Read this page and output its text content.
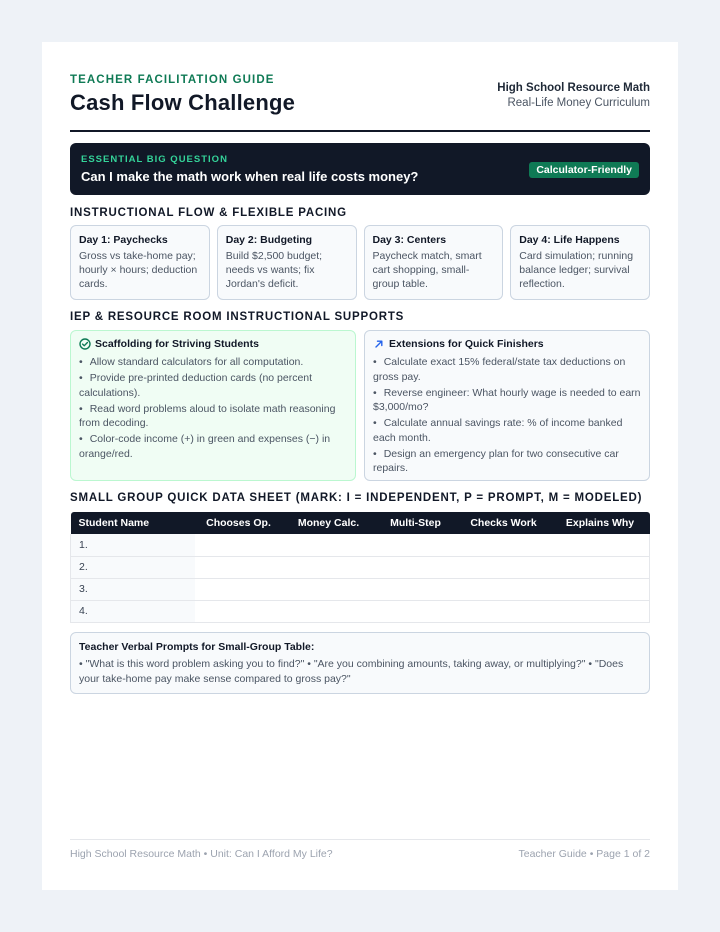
TEACHER FACILITATION GUIDE
Cash Flow Challenge
High School Resource Math
Real-Life Money Curriculum
ESSENTIAL BIG QUESTION
Can I make the math work when real life costs money?	Calculator-Friendly
INSTRUCTIONAL FLOW & FLEXIBLE PACING
Day 1: Paychecks
Gross vs take-home pay; hourly × hours; deduction cards.
Day 2: Budgeting
Build $2,500 budget; needs vs wants; fix Jordan's deficit.
Day 3: Centers
Paycheck match, smart cart shopping, small-group table.
Day 4: Life Happens
Card simulation; running balance ledger; survival reflection.
IEP & RESOURCE ROOM INSTRUCTIONAL SUPPORTS
Scaffolding for Striving Students
• Allow standard calculators for all computation.
• Provide pre-printed deduction cards (no percent calculations).
• Read word problems aloud to isolate math reasoning from decoding.
• Color-code income (+) in green and expenses (−) in orange/red.
Extensions for Quick Finishers
• Calculate exact 15% federal/state tax deductions on gross pay.
• Reverse engineer: What hourly wage is needed to earn $3,000/mo?
• Calculate annual savings rate: % of income banked each month.
• Design an emergency plan for two consecutive car repairs.
SMALL GROUP QUICK DATA SHEET (MARK: I = INDEPENDENT, P = PROMPT, M = MODELED)
Student Name	Chooses Op.	Money Calc.	Multi-Step	Checks Work	Explains Why
1.					
2.					
3.					
4.					
Teacher Verbal Prompts for Small-Group Table:
• "What is this word problem asking you to find?" • "Are you combining amounts, taking away, or multiplying?" • "Does your take-home pay make sense compared to gross pay?"
High School Resource Math • Unit: Can I Afford My Life?	Teacher Guide • Page 1 of 2
